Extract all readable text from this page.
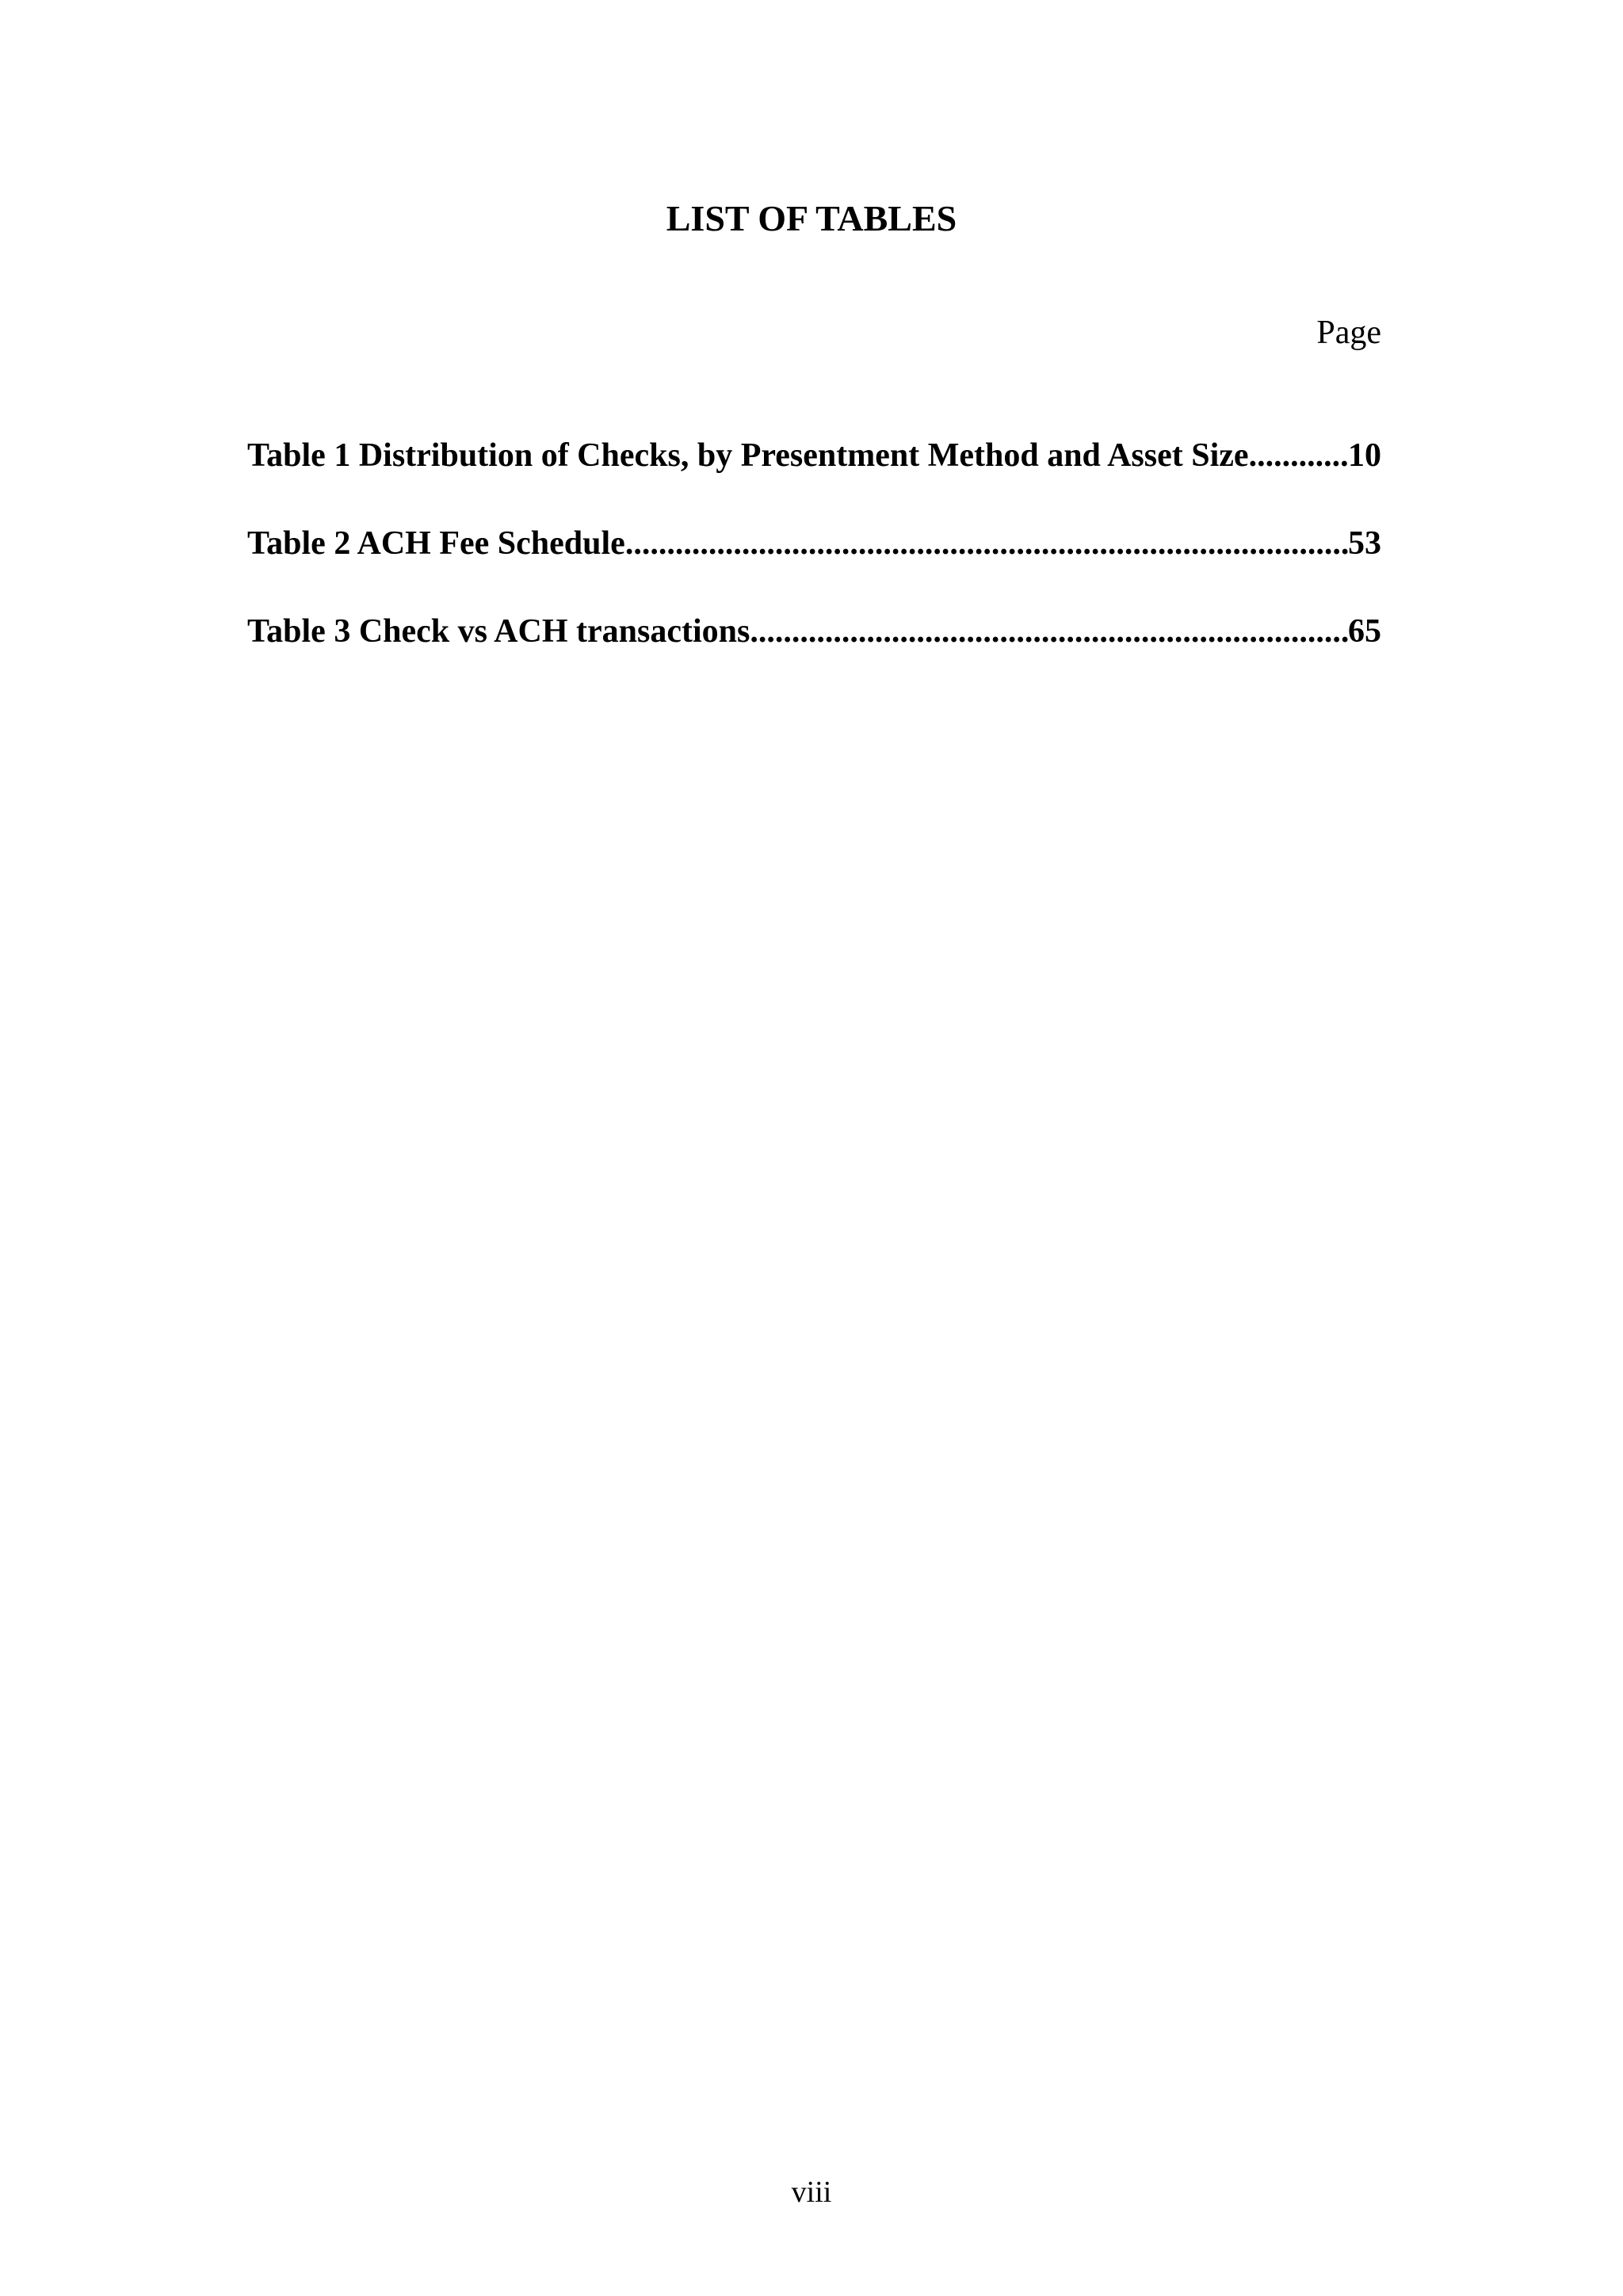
LIST OF TABLES
Page
Table 1 Distribution of Checks, by Presentment Method and Asset Size .....	10
Table 2 ACH Fee Schedule .....	53
Table 3 Check vs ACH transactions .....	65
viii
